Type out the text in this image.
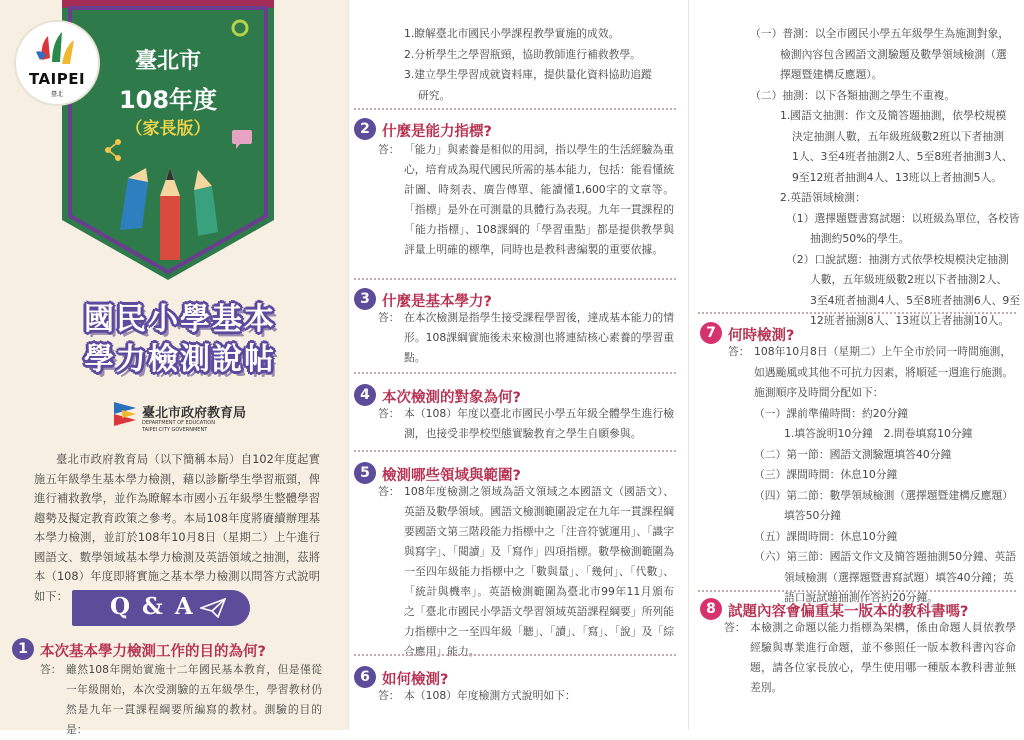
臺北市
108年度
（家長版）
TAIPEI
臺北
國民小學基本
學力檢測說帖
臺北市政府教育局
DEPARTMENT OF EDUCATION
TAIPEI CITY GOVERNMENT
臺北市政府教育局（以下簡稱本局）自102年度起實施五年級學生基本學力檢測，藉以診斷學生學習瓶頸，俾進行補救教學，並作為瞭解本市國小五年級學生整體學習趨勢及擬定教育政策之參考。本局108年度將賡續辦理基本學力檢測，並訂於108年10月8日（星期二）上午進行國語文、數學領域基本學力檢測及英語領域之抽測，茲將本（108）年度即將實施之基本學力檢測以問答方式說明如下：	Q & A
1 本次基本學力檢測工作的目的為何?
答： 雖然108年開始實施十二年國民基本教育，但是僅從一年級開始，本次受測驗的五年級學生，學習教材仍然是九年一貫課程綱要所編寫的教材。測驗的目的是：
1.瞭解臺北市國民小學課程教學實施的成效。
2.分析學生之學習瓶頸，協助教師進行補救教學。
3.建立學生學習成就資料庫，提供量化資料協助追蹤
研究。
2 什麼是能力指標?
答： 「能力」與素養是相似的用詞，指以學生的生活經驗為重心，培育成為現代國民所需的基本能力，包括：能看懂統計圖、時刻表、廣告傳單、能讀懂1,600字的文章等。「指標」是外在可測量的具體行為表現。九年一貫課程的「能力指標」、108課綱的「學習重點」都是提供教學與評量上明確的標準，同時也是教科書編製的重要依據。
3 什麼是基本學力?
答： 在本次檢測是指學生接受課程學習後，達成基本能力的情形。108課綱實施後未來檢測也將連結核心素養的學習重點。
4 本次檢測的對象為何?
答： 本（108）年度以臺北市國民小學五年級全體學生進行檢測，也接受非學校型態實驗教育之學生自願參與。
5 檢測哪些領域與範圍?
答： 108年度檢測之領域為語文領域之本國語文（國語文）、英語及數學領域。國語文檢測範圍設定在九年一貫課程綱要國語文第三階段能力指標中之「注音符號運用」、「識字與寫字」、「閱讀」及「寫作」四項指標。數學檢測範圍為一至四年級能力指標中之「數與量」、「幾何」、「代數」、「統計與機率」。英語檢測範圍為臺北市99年11月頒布之「臺北市國民小學語文學習領域英語課程綱要」所列能力指標中之一至四年級「聽」、「讀」、「寫」、「說」及「綜合應用」能力。
6 如何檢測?
答： 本（108）年度檢測方式說明如下：
（一）普測：以全市國民小學五年級學生為施測對象，
檢測內容包含國語文測驗題及數學領域檢測（選
擇題暨建構反應題）。
（二）抽測：以下各類抽測之學生不重複。
1.國語文抽測：作文及簡答題抽測，依學校規模
決定抽測人數，五年級班級數2班以下者抽測
1人、3至4班者抽測2人、5至8班者抽測3人、
9至12班者抽測4人、13班以上者抽測5人。
2.英語領域檢測：
（1）選擇題暨書寫試題：以班級為單位，各校皆
抽測約50%的學生。
（2）口說試題：抽測方式依學校規模決定抽測
人數，五年級班級數2班以下者抽測2人、
3至4班者抽測4人、5至8班者抽測6人、9至
12班者抽測8人、13班以上者抽測10人。
7 何時檢測?
答： 108年10月8日（星期二）上午全市於同一時間施測，
如遇颱風或其他不可抗力因素，將順延一週進行施測。
施測順序及時間分配如下：
（一）課前準備時間：約20分鐘
1.填答說明10分鐘　2.問卷填寫10分鐘
（二）第一節：國語文測驗題填答40分鐘
（三）課間時間：休息10分鐘
（四）第二節：數學領域檢測（選擇題暨建構反應題）
填答50分鐘
（五）課間時間：休息10分鐘
（六）第三節：國語文作文及簡答題抽測50分鐘、英語
領域檢測（選擇題暨書寫試題）填答40分鐘；英
語口說試題抽測作答約20分鐘。
8 試題內容會偏重某一版本的教科書嗎?
答： 本檢測之命題以能力指標為架構，係由命題人員依教學經驗與專業進行命題，並不參照任一版本教科書內容命題，請各位家長放心，學生使用哪一種版本教科書並無差別。
